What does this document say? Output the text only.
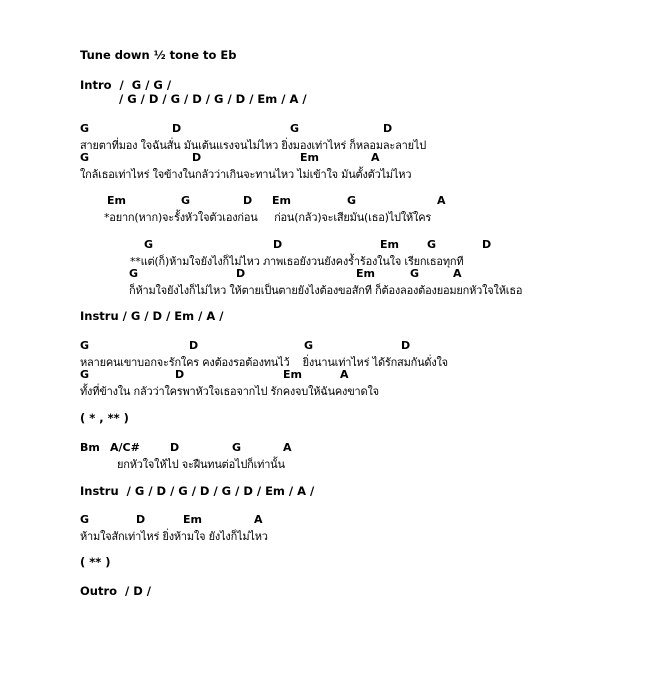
Tune down ½ tone to Eb
Intro  /  G / G /
/ G / D / G / D / G / D / Em / A /
G	D	G	D
สายตาที่มอง ใจฉันสั่น มันเต้นแรงจนไม่ไหว ยิ่งมองเท่าไหร่ ก็หลอมละลายไป
G	D	Em	A
ใกล้เธอเท่าไหร่ ใจข้างในกลัวว่าเกินจะทานไหว ไม่เข้าใจ มันตั้งตัวไม่ไหว
Em	G	D Em	G	A
*อยาก(หาก)จะรั้งหัวใจตัวเองก่อน     ก่อน(กลัว)จะเสียมัน(เธอ)ไปให้ใคร
G	D	Em	G	D
**แต่(ก็)ห้ามใจยังไงก็ไม่ไหว ภาพเธอยังวนยังคงร้ำร้องในใจ เรียกเธอทุกที
G	D	Em	G	A
ก็ห้ามใจยังไงก็ไม่ไหว ให้ตายเป็นตายยังไงต้องขอสักที ก็ต้องลองต้องยอมยกหัวใจให้เธอ
Instru / G / D / Em / A /
G	D	G	D
หลายคนเขาบอกจะรักใคร คงต้องรอต้องทนไว้    ยิ่งนานเท่าไหร่ ได้รักสมกันดั่งใจ
G	D	Em	A
ทั้งที่ข้างใน กลัวว่าใครพาหัวใจเธอจากไป รักคงจบให้ฉันคงขาดใจ
( * , ** )
Bm A/C#	D	G	A
ยกหัวใจให้ไป จะฝืนทนต่อไปก็เท่านั้น
Instru  / G / D / G / D / G / D / Em / A /
G	D	Em	A
ห้ามใจสักเท่าไหร่ ยิ่งห้ามใจ ยังไงก็ไม่ไหว
( ** )
Outro  / D /
